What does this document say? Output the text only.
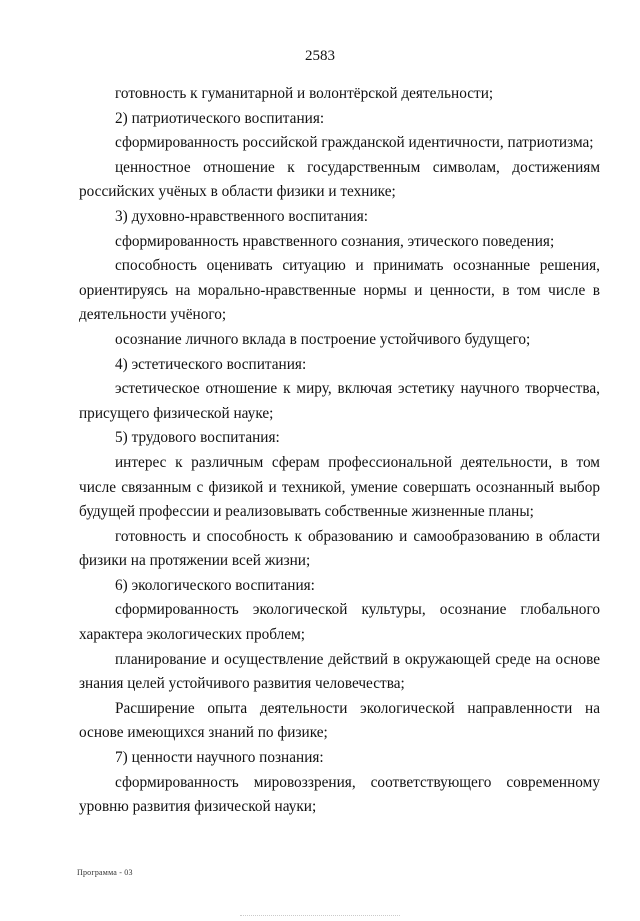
2583

готовность к гуманитарной и волонтёрской деятельности;

2) патриотического воспитания:

сформированность российской гражданской идентичности, патриотизма;

ценностное отношение к государственным символам, достижениям российских учёных в области физики и технике;

3) духовно-нравственного воспитания:

сформированность нравственного сознания, этического поведения;

способность оценивать ситуацию и принимать осознанные решения, ориентируясь на морально-нравственные нормы и ценности, в том числе в деятельности учёного;

осознание личного вклада в построение устойчивого будущего;

4) эстетического воспитания:

эстетическое отношение к миру, включая эстетику научного творчества, присущего физической науке;

5) трудового воспитания:

интерес к различным сферам профессиональной деятельности, в том числе связанным с физикой и техникой, умение совершать осознанный выбор будущей профессии и реализовывать собственные жизненные планы;

готовность и способность к образованию и самообразованию в области физики на протяжении всей жизни;

6) экологического воспитания:

сформированность экологической культуры, осознание глобального характера экологических проблем;

планирование и осуществление действий в окружающей среде на основе знания целей устойчивого развития человечества;

Расширение опыта деятельности экологической направленности на основе имеющихся знаний по физике;

7) ценности научного познания:

сформированность мировоззрения, соответствующего современному уровню развития физической науки;

Программа - 03
